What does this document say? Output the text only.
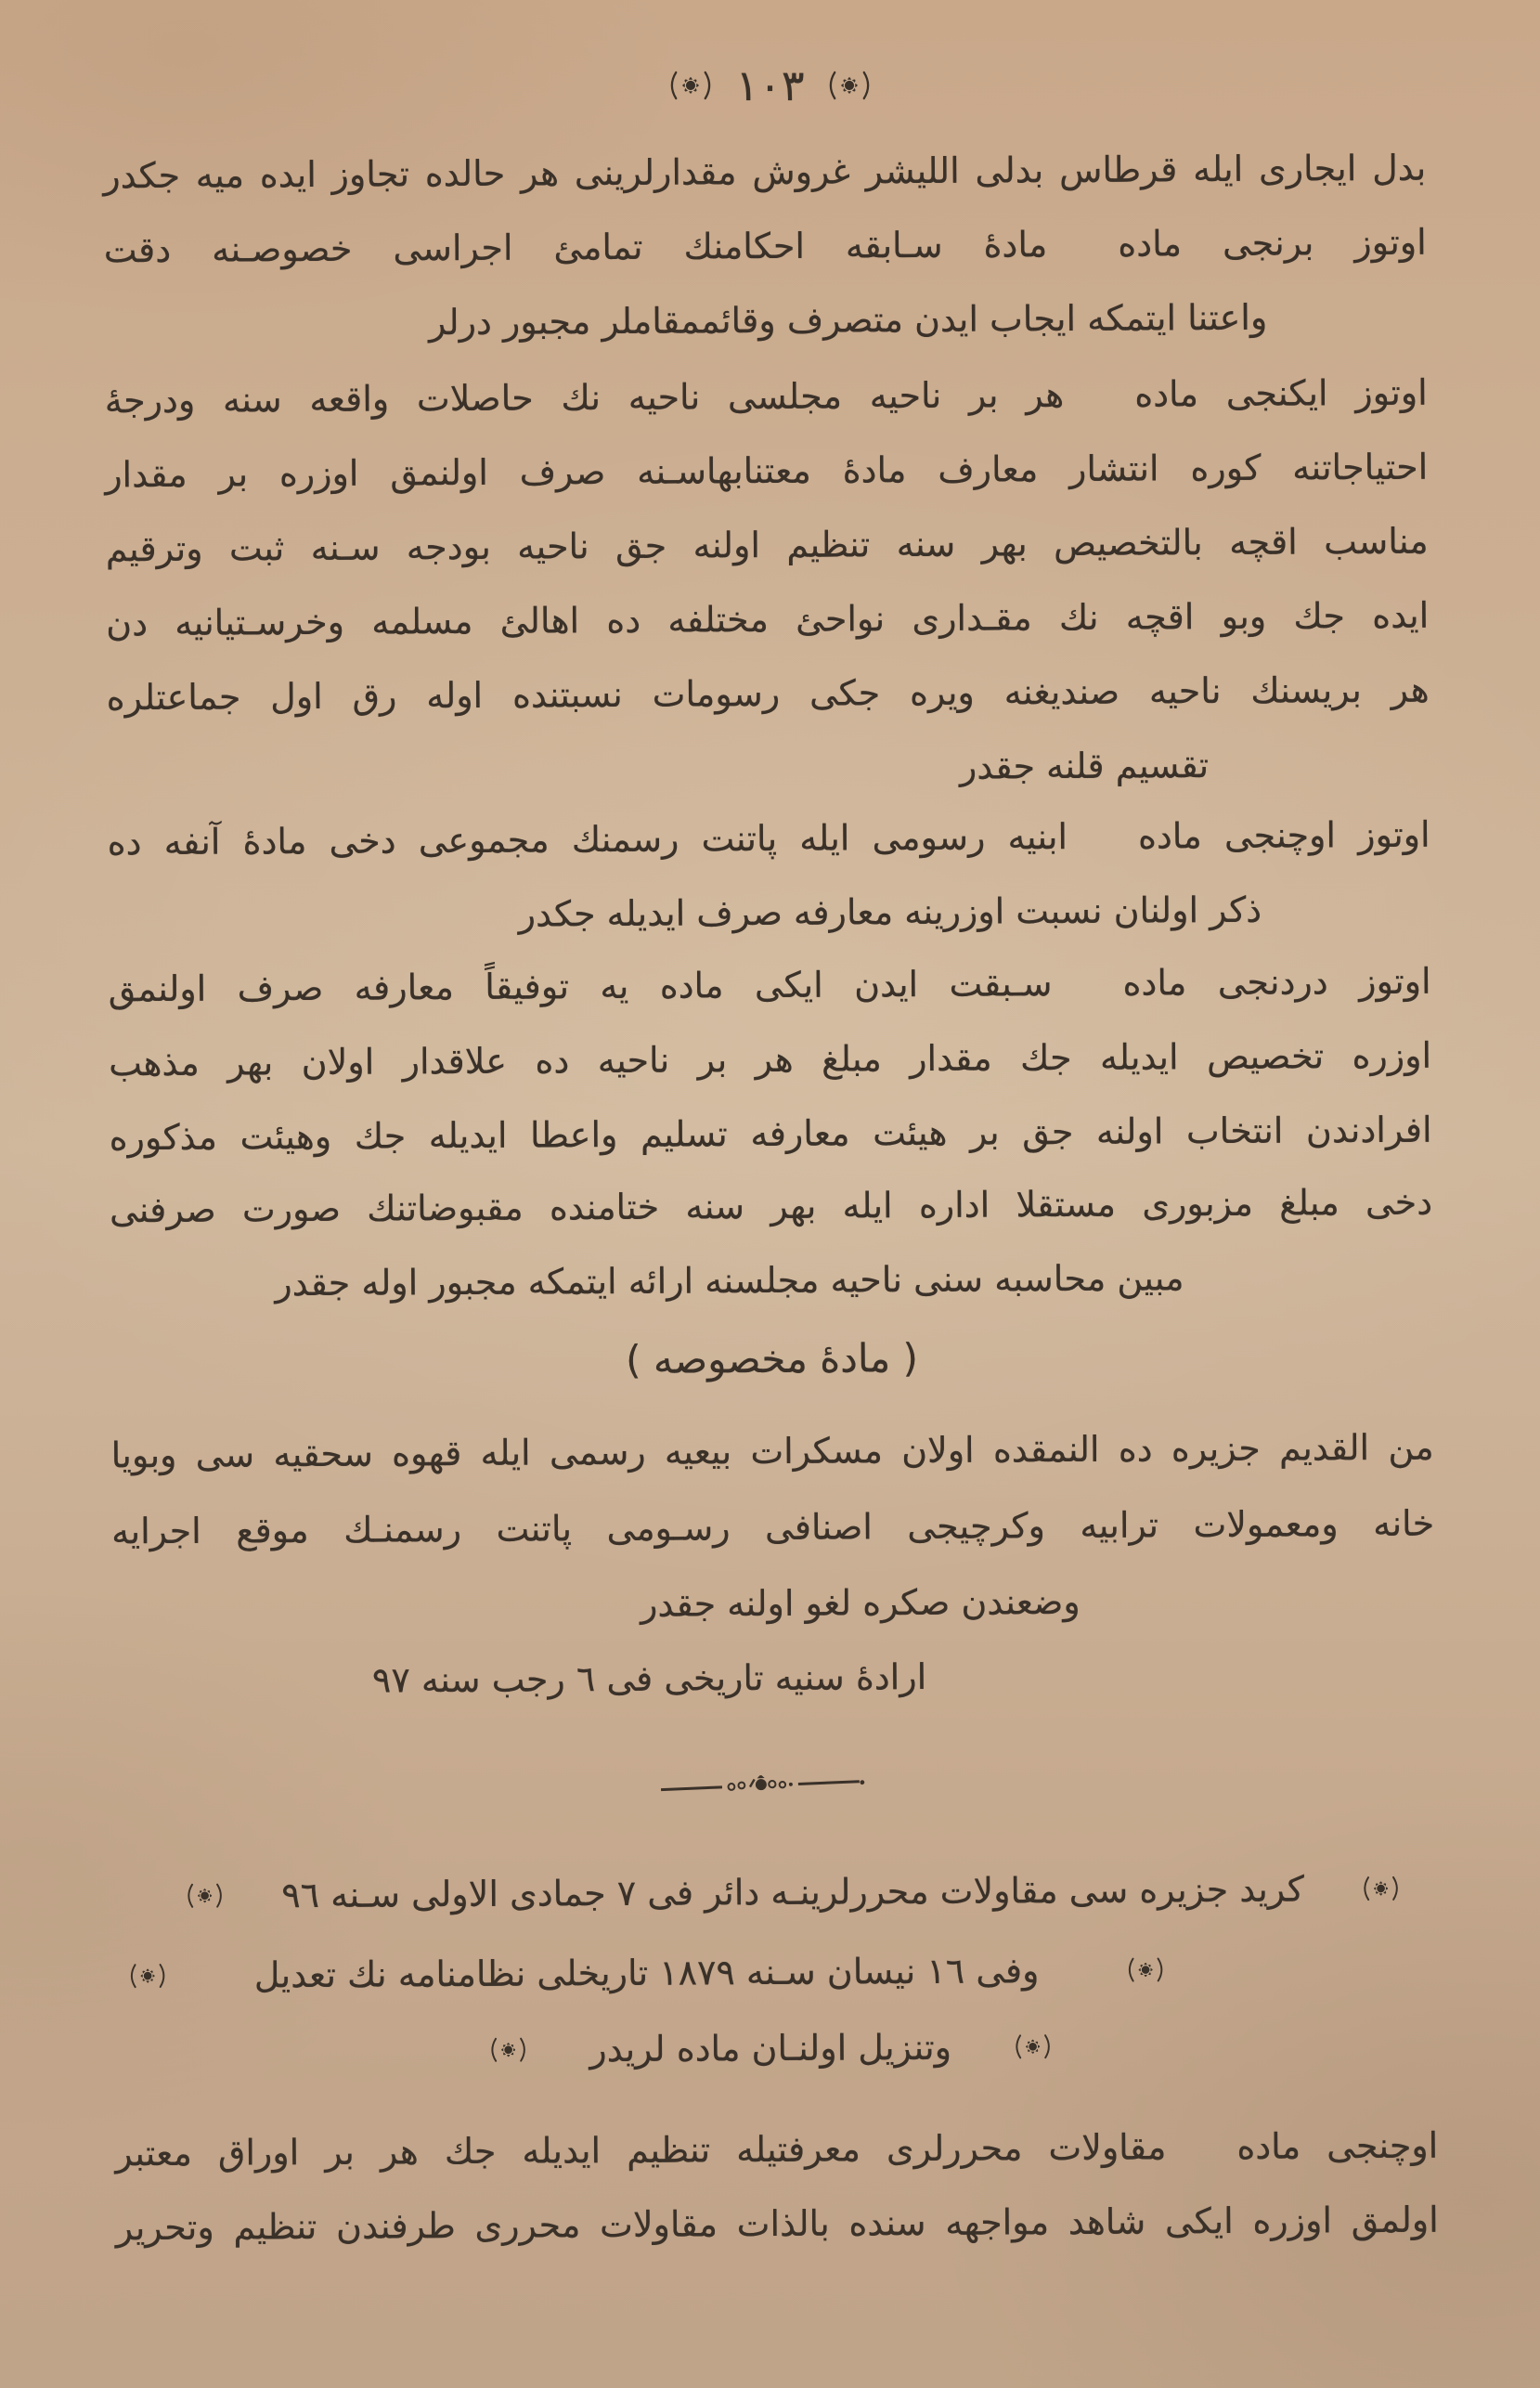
١٠٣
بدل ايجارى ايله قرطاس بدلى الليشر غروش مقدارلرينى هر حالده تجاوز ايده ميه جكدر
اوتوز برنجى ماده  مادهٔ سـابقه احكامنك تمامئ اجراسى خصوصـنه دقت
واعتنا ايتمكه ايجاب ايدن متصرف وقائممقاملر مجبور درلر
اوتوز ايكنجى ماده  هر بر ناحيه مجلسى ناحيه نك حاصلات واقعه سنه ودرجهٔ
احتياجاتنه كوره انتشار معارف مادهٔ معتنابهاسـنه صرف اولنمق اوزره بر مقدار
مناسب اقچه بالتخصيص بهر سنه تنظيم اولنه جق ناحيه بودجه سـنه ثبت وترقيم
ايده جك وبو اقچه نك مقـدارى نواحئ مختلفه ده اهالئ مسلمه وخرسـتيانيه دن
هر بريسنك ناحيه صنديغنه ويره جكى رسومات نسبتنده اوله رق اول جماعتلره
تقسيم قلنه جقدر
اوتوز اوچنجى ماده  ابنيه رسومى ايله پاتنت رسمنك مجموعى دخى مادهٔ آنفه ده
ذكر اولنان نسبت اوزرينه معارفه صرف ايديله جكدر
اوتوز دردنجى ماده  سـبقت ايدن ايكى ماده يه توفيقاً معارفه صرف اولنمق
اوزره تخصيص ايديله جك مقدار مبلغ هر بر ناحيه ده علاقدار اولان بهر مذهب
افرادندن انتخاب اولنه جق بر هيئت معارفه تسليم واعطا ايديله جك وهيئت مذكوره
دخى مبلغ مزبورى مستقلا اداره ايله بهر سنه ختامنده مقبوضاتنك صورت صرفنى
مبين محاسبه سنى ناحيه مجلسنه ارائه ايتمكه مجبور اوله جقدر
( مادهٔ مخصوصه )
من القديم جزيره ده النمقده اولان مسكرات بيعيه رسمى ايله قهوه سحقيه سى وبويا
خانه ومعمولات ترابيه وكرچيجى اصنافى رسـومى پاتنت رسمنـك موقع اجرايه
وضعندن صكره لغو اولنه جقدر
ارادهٔ سنيه تاريخى فى ٦ رجب سنه ٩٧
كريد جزيره سى مقاولات محررلرينـه دائر فى ٧ جمادى الاولى سـنه ٩٦
وفى ١٦ نيسان سـنه ١٨٧٩ تاريخلى نظامنامه نك تعديل
وتنزيل اولنـان ماده لريدر
اوچنجى ماده  مقاولات محررلرى معرفتيله تنظيم ايديله جك هر بر اوراق معتبر
اولمق اوزره ايكى شاهد مواجهه سنده بالذات مقاولات محررى طرفندن تنظيم وتحرير
